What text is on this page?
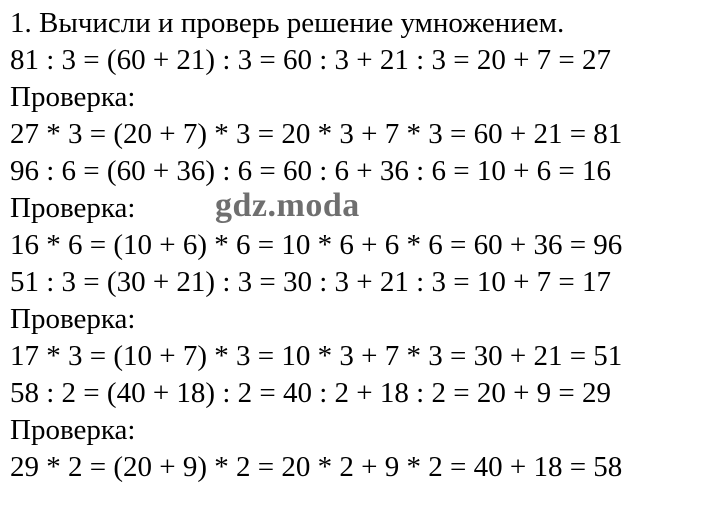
1. Вычисли и проверь решение умножением.
81 : 3 = (60 + 21) : 3 = 60 : 3 + 21 : 3 = 20 + 7 = 27
Проверка:
27 * 3 = (20 + 7) * 3 = 20 * 3 + 7 * 3 = 60 + 21 = 81
96 : 6 = (60 + 36) : 6 = 60 : 6 + 36 : 6 = 10 + 6 = 16
Проверка:
16 * 6 = (10 + 6) * 6 = 10 * 6 + 6 * 6 = 60 + 36 = 96
51 : 3 = (30 + 21) : 3 = 30 : 3 + 21 : 3 = 10 + 7 = 17
Проверка:
17 * 3 = (10 + 7) * 3 = 10 * 3 + 7 * 3 = 30 + 21 = 51
58 : 2 = (40 + 18) : 2 = 40 : 2 + 18 : 2 = 20 + 9 = 29
Проверка:
29 * 2 = (20 + 9) * 2 = 20 * 2 + 9 * 2 = 40 + 18 = 58
gdz.moda
